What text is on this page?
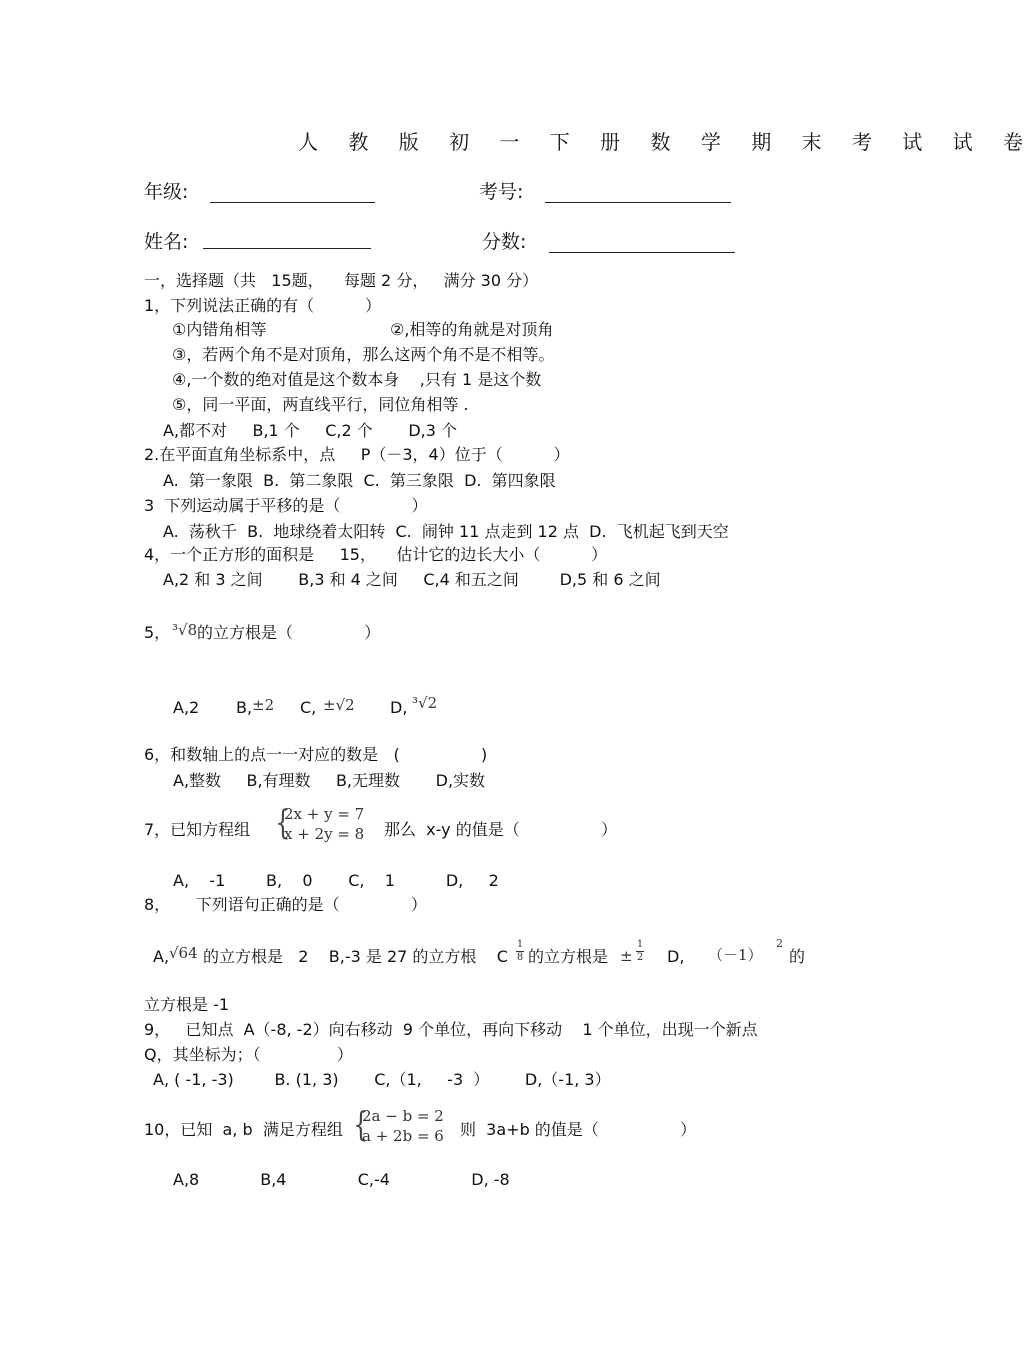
人 教 版 初 一 下 册 数 学 期 末 考 试 试 卷
年级:	考号:
姓名:	分数:
一，选择题（共   15题，    每题 2 分，   满分 30 分）
1，下列说法正确的有（          ）
①内错角相等	②,相等的角就是对顶角
③，若两个角不是对顶角，那么这两个角不是不相等。
④,一个数的绝对值是这个数本身    ,只有 1 是这个数
⑤，同一平面，两直线平行，同位角相等 .
A,都不对     B,1 个     C,2 个       D,3 个
2.在平面直角坐标系中，点     P（－3，4）位于（          ）
A.  第一象限  B.  第二象限  C.  第三象限  D.  第四象限
3  下列运动属于平移的是（              ）
A.  荡秋千  B.  地球绕着太阳转  C.  闹钟 11 点走到 12 点  D.  飞机起飞到天空
4，一个正方形的面积是     15，    估计它的边长大小（          ）
A,2 和 3 之间       B,3 和 4 之间     C,4 和五之间        D,5 和 6 之间
5， ³√8 的立方根是（              ）
A,2 B, ±2 C, ±√2 D, ³√2
6，和数轴上的点一一对应的数是   (                )
A,整数     B,有理数     B,无理数       D,实数
7，已知方程组 {
2x + y = 7
x + 2y = 8 那么  x-y 的值是（                ）
A,    -1        B,    0       C,    1          D,     2
8，     下列语句正确的是（              ）
A, √64 的立方根是   2    B,-3 是 27 的立方根    C
1
8 的立方根是 ±
1
2 D, （－1）
2
的
立方根是 -1
9，   已知点  A（-8, -2）向右移动  9 个单位，再向下移动    1 个单位，出现一个新点
Q，其坐标为；（               ）
A, ( -1, -3)        B. (1, 3)       C,（1,     -3  ）       D,（-1, 3）
10，已知  a, b  满足方程组 {
2a − b = 2
a + 2b = 6 则  3a+b 的值是（                ）
A,8            B,4              C,-4                D, -8
